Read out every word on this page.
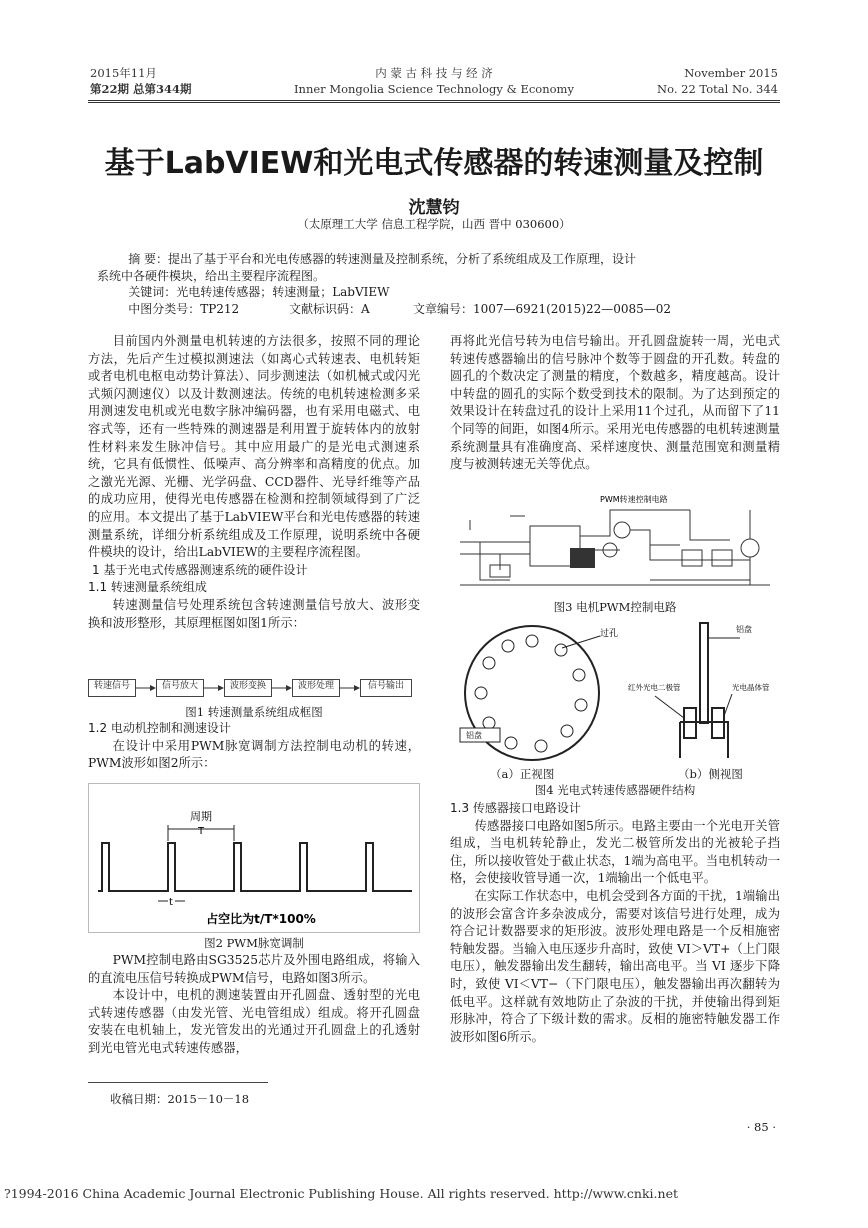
2015年11月
第22期 总第344期
内 蒙 古 科 技 与 经 济
Inner Mongolia Science Technology & Economy
November 2015
No. 22 Total No. 344
基于LabVIEW和光电式传感器的转速测量及控制
沈慧钧
（太原理工大学 信息工程学院，山西 晋中 030600）

摘 要：提出了基于平台和光电传感器的转速测量及控制系统，分析了系统组成及工作原理，设计

系统中各硬件模块，给出主要程序流程图。

关键词：光电转速传感器；转速测量；LabVIEW

中图分类号：TP212	文献标识码：A	文章编号：1007—6921(2015)22—0085—02

目前国内外测量电机转速的方法很多，按照不同的理论方法，先后产生过模拟测速法（如离心式转速表、电机转矩或者电机电枢电动势计算法）、同步测速法（如机械式或闪光式频闪测速仪）以及计数测速法。传统的电机转速检测多采用测速发电机或光电数字脉冲编码器，也有采用电磁式、电容式等，还有一些特殊的测速器是利用置于旋转体内的放射性材料来发生脉冲信号。其中应用最广的是光电式测速系统，它具有低惯性、低噪声、高分辨率和高精度的优点。加之激光光源、光栅、光学码盘、CCD器件、光导纤维等产品的成功应用，使得光电传感器在检测和控制领域得到了广泛的应用。本文提出了基于LabVIEW平台和光电传感器的转速测量系统，详细分析系统组成及工作原理，说明系统中各硬件模块的设计，给出LabVIEW的主要程序流程图。

1 基于光电式传感器测速系统的硬件设计

1.1 转速测量系统组成

转速测量信号处理系统包含转速测量信号放大、波形变换和波形整形，其原理框图如图1所示：

转速信号	信号放大	波形变换	波形处理	信号输出
图1 转速测量系统组成框图

1.2 电动机控制和测速设计

在设计中采用PWM脉宽调制方法控制电动机的转速，PWM波形如图2所示：

周期
T
t
占空比为t/T*100%
图2 PWM脉宽调制

PWM控制电路由SG3525芯片及外围电路组成，将输入的直流电压信号转换成PWM信号，电路如图3所示。

本设计中，电机的测速装置由开孔圆盘、透射型的光电式转速传感器（由发光管、光电管组成）组成。将开孔圆盘安装在电机轴上，发光管发出的光通过开孔圆盘上的孔透射到光电管光电式转速传感器，

收稿日期：2015－10－18

再将此光信号转为电信号输出。开孔圆盘旋转一周，光电式转速传感器输出的信号脉冲个数等于圆盘的开孔数。转盘的圆孔的个数决定了测量的精度，个数越多，精度越高。设计中转盘的圆孔的实际个数受到技术的限制。为了达到预定的效果设计在转盘过孔的设计上采用11个过孔，从而留下了11个同等的间距，如图4所示。采用光电传感器的电机转速测量系统测量具有准确度高、采样速度快、测量范围宽和测量精度与被测转速无关等优点。

PWM转速控制电路
图3 电机PWM控制电路
过孔
铝盘
铝盘
红外光电二极管	光电晶体管
（a）正视图	（b）侧视图
图4 光电式转速传感器硬件结构

1.3 传感器接口电路设计

传感器接口电路如图5所示。电路主要由一个光电开关管组成，当电机转轮静止，发光二极管所发出的光被轮子挡住，所以接收管处于截止状态，1端为高电平。当电机转动一格，会使接收管导通一次，1端输出一个低电平。

在实际工作状态中，电机会受到各方面的干扰，1端输出的波形会富含许多杂波成分，需要对该信号进行处理，成为符合记计数器要求的矩形波。波形处理电路是一个反相施密特触发器。当输入电压逐步升高时，致使 VI＞VT+（上门限电压），触发器输出发生翻转，输出高电平。当 VI 逐步下降时，致使 VI＜VT−（下门限电压），触发器输出再次翻转为低电平。这样就有效地防止了杂波的干扰，并使输出得到矩形脉冲，符合了下级计数的需求。反相的施密特触发器工作波形如图6所示。

· 85 ·
?1994-2016 China Academic Journal Electronic Publishing House. All rights reserved. http://www.cnki.net
